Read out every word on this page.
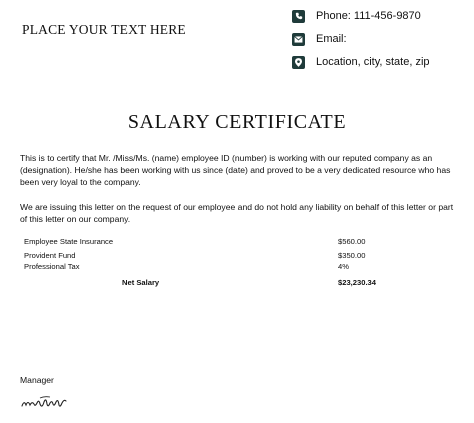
PLACE YOUR TEXT HERE
Phone: 111-456-9870
Email:
Location, city, state, zip
SALARY CERTIFICATE
This is to certify that Mr. /Miss/Ms. (name) employee ID (number) is working with our reputed company as an (designation). He/she has been working with us since (date) and proved to be a very dedicated resource who has been very loyal to the company.
We are issuing this letter on the request of our employee and do not hold any liability on behalf of this letter or part of this letter on our company.
Employee State Insurance	$560.00
Provident Fund	$350.00
Professional Tax	4%
Net Salary	$23,230.34
Manager
